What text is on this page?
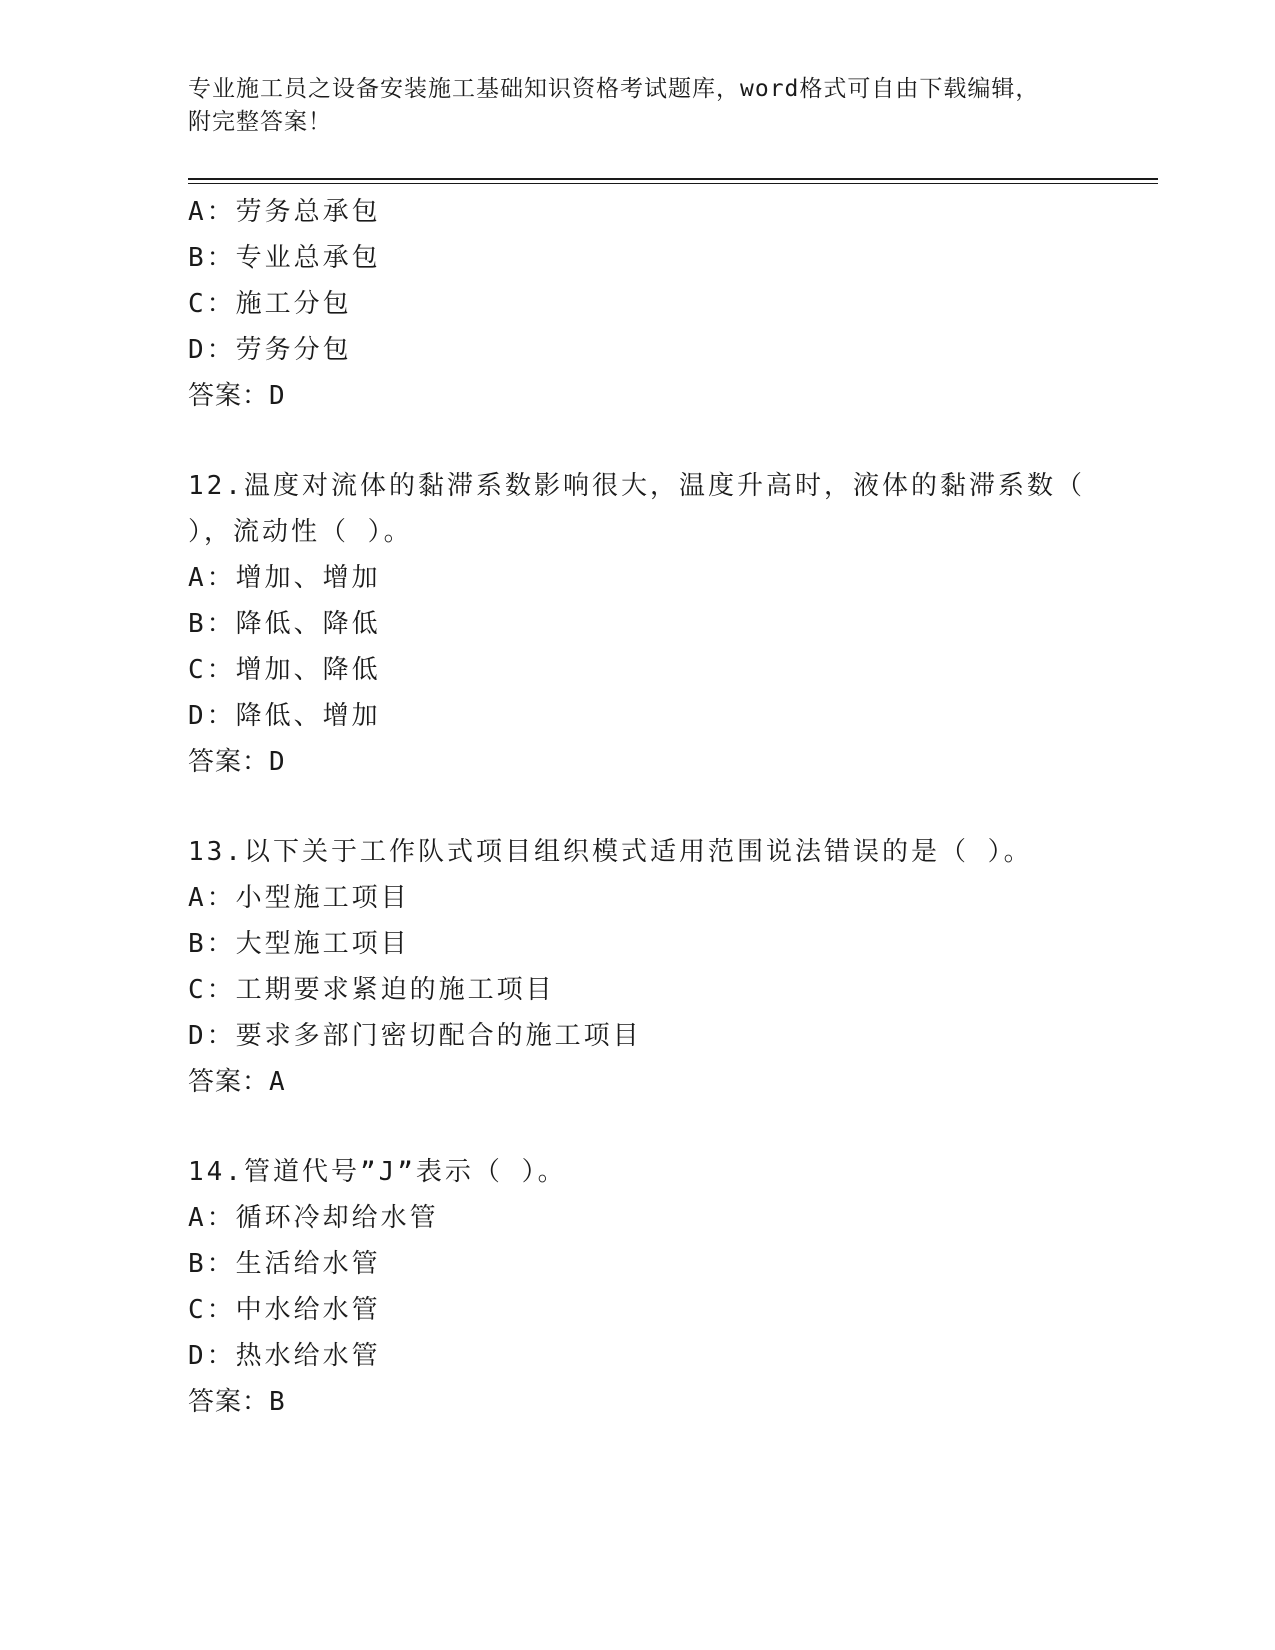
专业施工员之设备安装施工基础知识资格考试题库，word格式可自由下载编辑，
附完整答案！
A：劳务总承包
B：专业总承包
C：施工分包
D：劳务分包
答案：D
12.温度对流体的黏滞系数影响很大，温度升高时，液体的黏滞系数（
），流动性（ ）。
A：增加、增加
B：降低、降低
C：增加、降低
D：降低、增加
答案：D
13.以下关于工作队式项目组织模式适用范围说法错误的是（ ）。
A：小型施工项目
B：大型施工项目
C：工期要求紧迫的施工项目
D：要求多部门密切配合的施工项目
答案：A
14.管道代号”J”表示（ ）。
A：循环冷却给水管
B：生活给水管
C：中水给水管
D：热水给水管
答案：B
